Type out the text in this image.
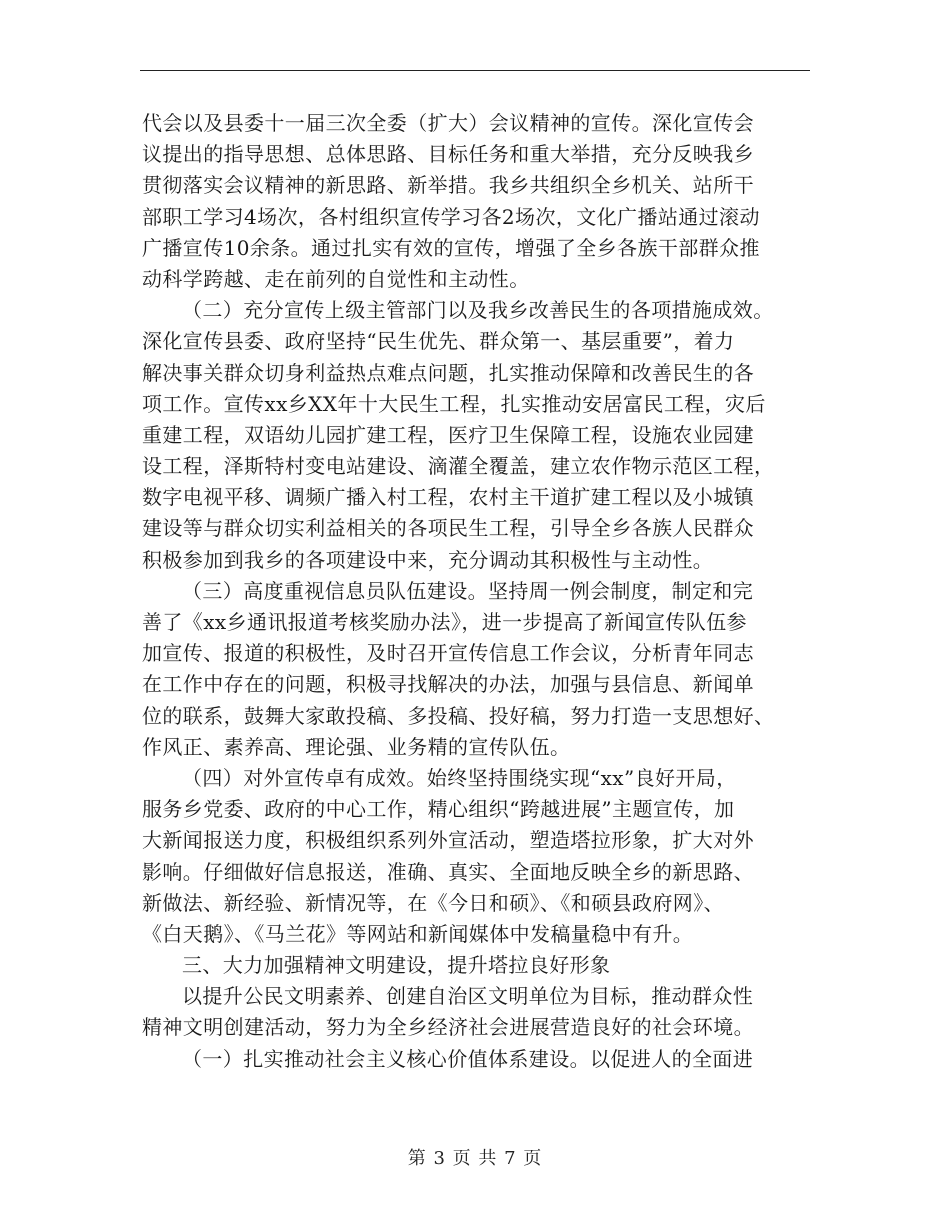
代会以及县委十一届三次全委（扩大）会议精神的宣传。深化宣传会
议提出的指导思想、总体思路、目标任务和重大举措，充分反映我乡
贯彻落实会议精神的新思路、新举措。我乡共组织全乡机关、站所干
部职工学习4场次，各村组织宣传学习各2场次，文化广播站通过滚动
广播宣传10余条。通过扎实有效的宣传，增强了全乡各族干部群众推
动科学跨越、走在前列的自觉性和主动性。
（二）充分宣传上级主管部门以及我乡改善民生的各项措施成效。
深化宣传县委、政府坚持“民生优先、群众第一、基层重要”，着力
解决事关群众切身利益热点难点问题，扎实推动保障和改善民生的各
项工作。宣传xx乡XX年十大民生工程，扎实推动安居富民工程，灾后
重建工程，双语幼儿园扩建工程，医疗卫生保障工程，设施农业园建
设工程，泽斯特村变电站建设、滴灌全覆盖，建立农作物示范区工程，
数字电视平移、调频广播入村工程，农村主干道扩建工程以及小城镇
建设等与群众切实利益相关的各项民生工程，引导全乡各族人民群众
积极参加到我乡的各项建设中来，充分调动其积极性与主动性。
（三）高度重视信息员队伍建设。坚持周一例会制度，制定和完
善了《xx乡通讯报道考核奖励办法》，进一步提高了新闻宣传队伍参
加宣传、报道的积极性，及时召开宣传信息工作会议，分析青年同志
在工作中存在的问题，积极寻找解决的办法，加强与县信息、新闻单
位的联系，鼓舞大家敢投稿、多投稿、投好稿，努力打造一支思想好、
作风正、素养高、理论强、业务精的宣传队伍。
（四）对外宣传卓有成效。始终坚持围绕实现“xx”良好开局，
服务乡党委、政府的中心工作，精心组织“跨越进展”主题宣传，加
大新闻报送力度，积极组织系列外宣活动，塑造塔拉形象，扩大对外
影响。仔细做好信息报送，准确、真实、全面地反映全乡的新思路、
新做法、新经验、新情况等，在《今日和硕》、《和硕县政府网》、
《白天鹅》、《马兰花》等网站和新闻媒体中发稿量稳中有升。
三、大力加强精神文明建设，提升塔拉良好形象
以提升公民文明素养、创建自治区文明单位为目标，推动群众性
精神文明创建活动，努力为全乡经济社会进展营造良好的社会环境。
（一）扎实推动社会主义核心价值体系建设。以促进人的全面进
第 3 页 共 7 页
